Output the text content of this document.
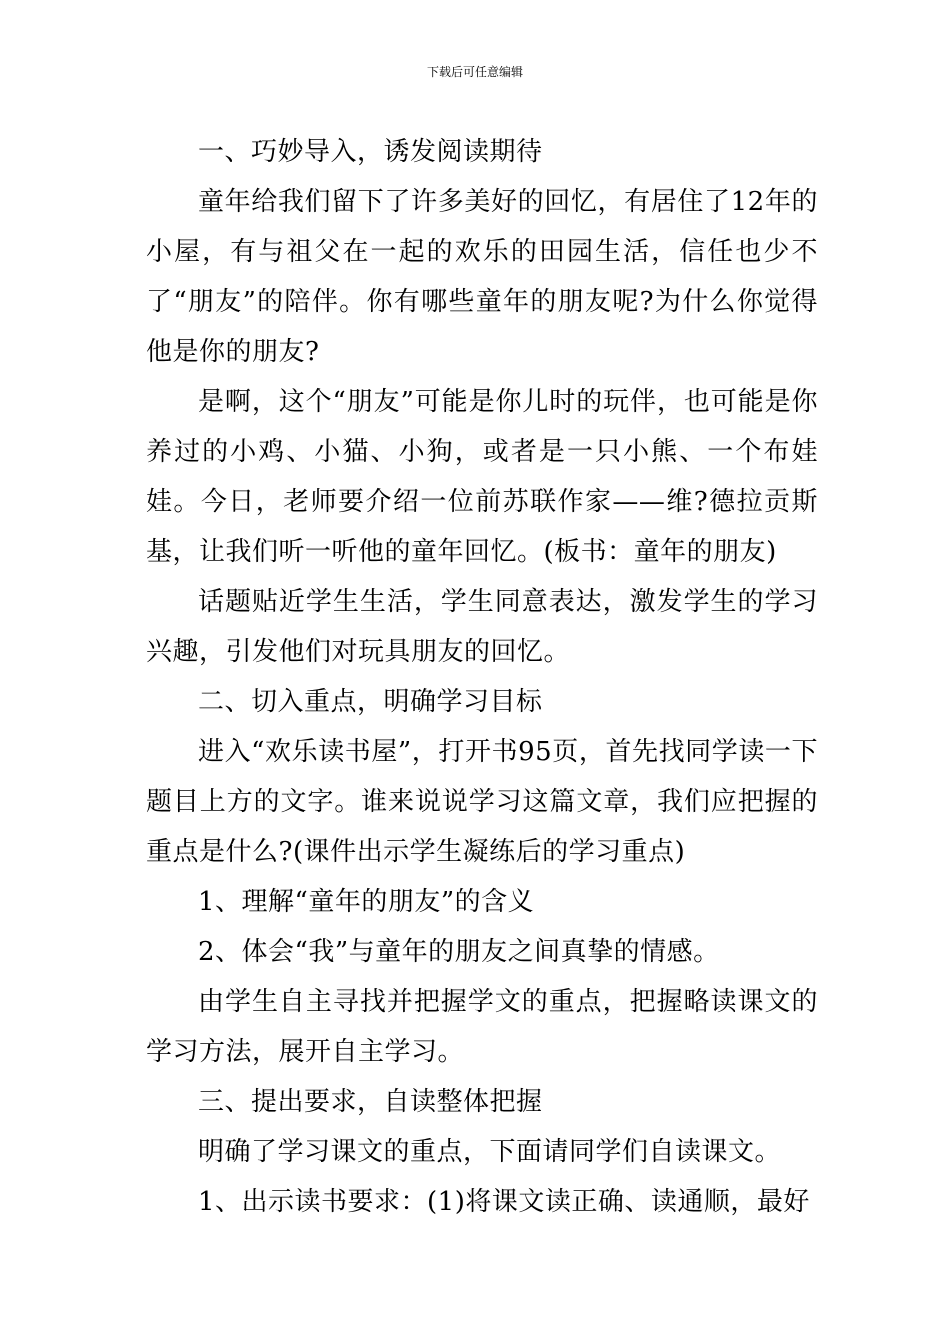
下载后可任意编辑

一、巧妙导入，诱发阅读期待

童年给我们留下了许多美好的回忆，有居住了12年的小屋，有与祖父在一起的欢乐的田园生活，信任也少不了“朋友”的陪伴。你有哪些童年的朋友呢?为什么你觉得他是你的朋友?

是啊，这个“朋友”可能是你儿时的玩伴，也可能是你养过的小鸡、小猫、小狗，或者是一只小熊、一个布娃娃。今日，老师要介绍一位前苏联作家——维?德拉贡斯基，让我们听一听他的童年回忆。(板书：童年的朋友)

话题贴近学生生活，学生同意表达，激发学生的学习兴趣，引发他们对玩具朋友的回忆。

二、切入重点，明确学习目标

进入“欢乐读书屋”，打开书95页，首先找同学读一下题目上方的文字。谁来说说学习这篇文章，我们应把握的重点是什么?(课件出示学生凝练后的学习重点)

1、理解“童年的朋友”的含义

2、体会“我”与童年的朋友之间真挚的情感。

由学生自主寻找并把握学文的重点，把握略读课文的学习方法，展开自主学习。

三、提出要求，自读整体把握

明确了学习课文的重点，下面请同学们自读课文。

1、出示读书要求：(1)将课文读正确、读通顺，最好
